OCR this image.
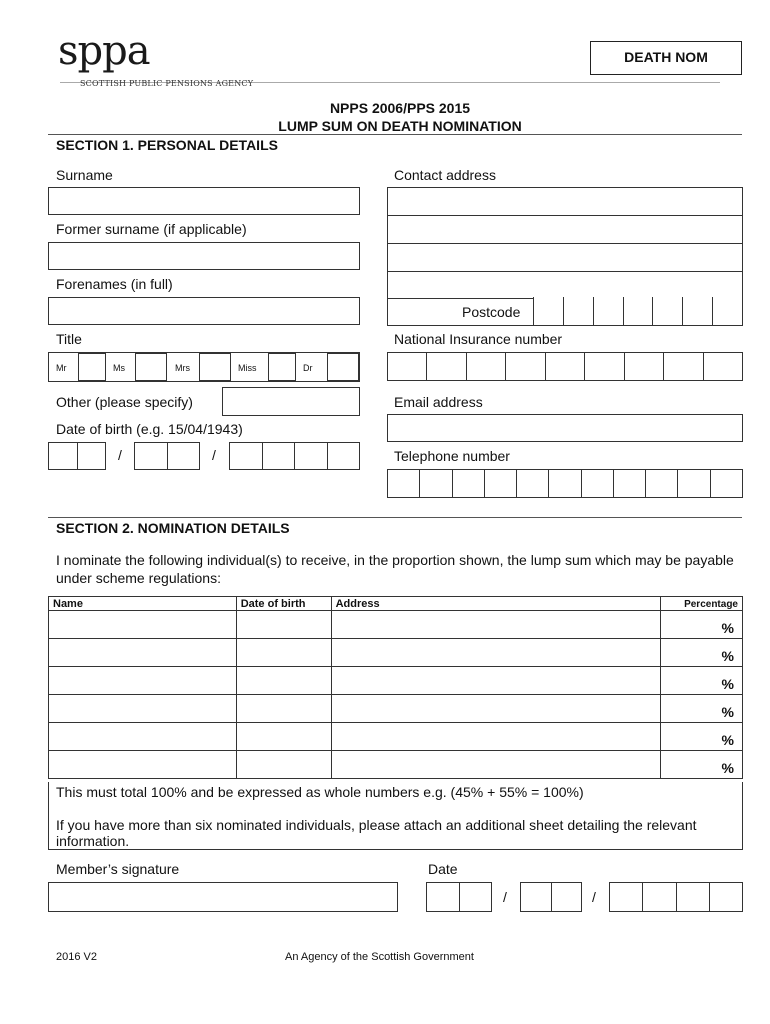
sppa
SCOTTISH PUBLIC PENSIONS AGENCY
DEATH NOM
NPPS 2006/PPS 2015
LUMP SUM ON DEATH NOMINATION
SECTION 1. PERSONAL DETAILS
Surname
Former surname (if applicable)
Forenames (in full)
Title
Mr	Ms	Mrs	Miss	Dr
Other (please specify)
Date of birth (e.g. 15/04/1943)
/	/
Contact address
Postcode
National Insurance number
Email address
Telephone number
SECTION 2. NOMINATION DETAILS
I nominate the following individual(s) to receive, in the proportion shown, the lump sum which may be payable under scheme regulations:
Name	Date of birth	Address	Percentage
			%
			%
			%
			%
			%
			%
This must total 100% and be expressed as whole numbers e.g. (45% + 55% = 100%)
If you have more than six nominated individuals, please attach an additional sheet detailing the relevant information.
Member’s signature	Date
/	/
2016 V2	An Agency of the Scottish Government
